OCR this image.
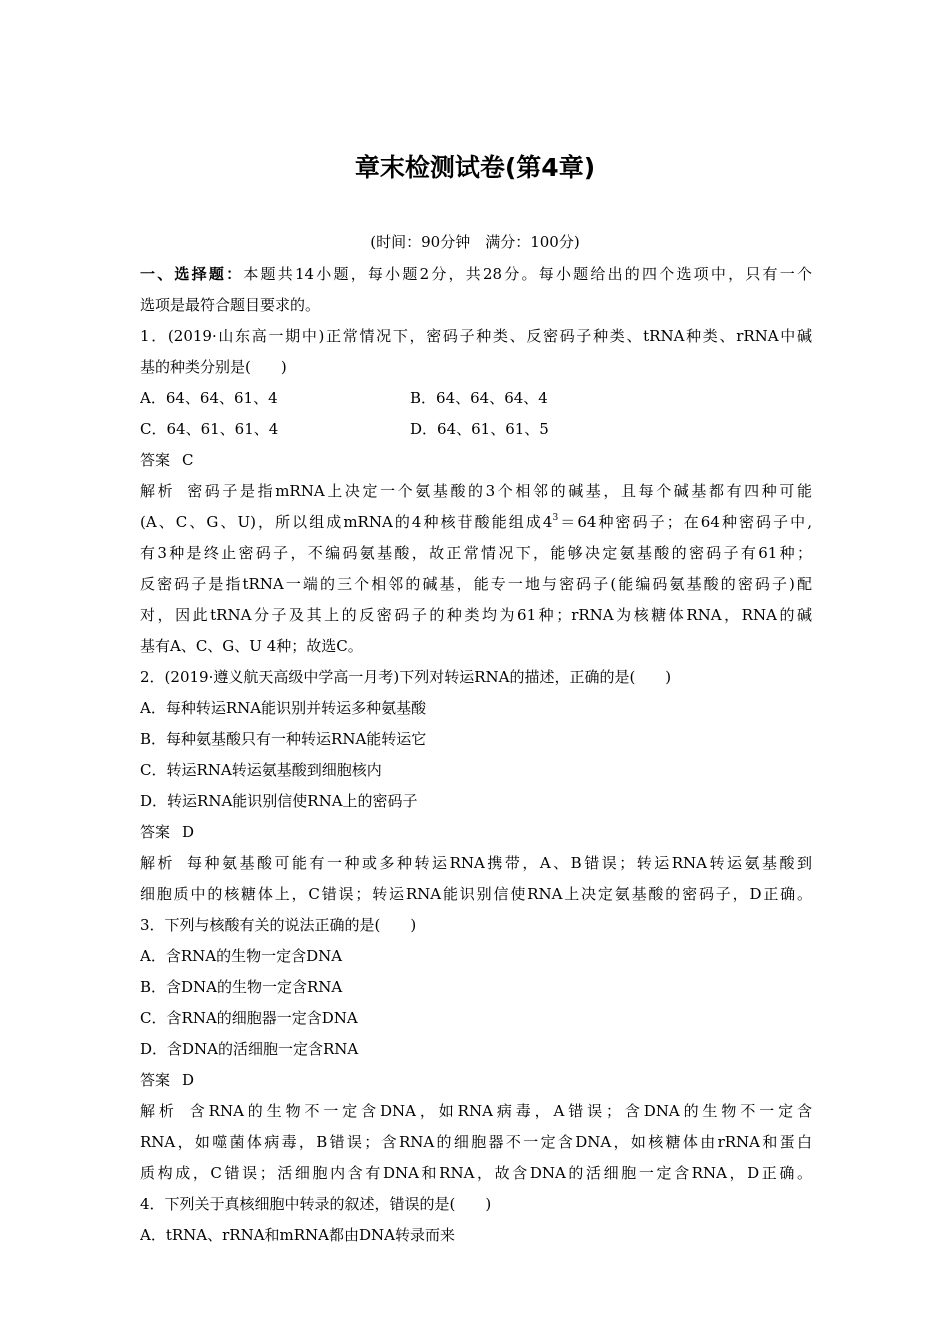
章末检测试卷(第4章)
(时间：90分钟　满分：100分)
一、选择题：本题共14小题，每小题2分，共28分。每小题给出的四个选项中，只有一个
选项是最符合题目要求的。
1．(2019·山东高一期中)正常情况下，密码子种类、反密码子种类、tRNA种类、rRNA中碱
基的种类分别是(　　)
A．64、64、61、4	B．64、64、64、4
C．64、61、61、4	D．64、61、61、5
答案 C
解析 密码子是指mRNA上决定一个氨基酸的3个相邻的碱基，且每个碱基都有四种可能
(A、C、G、U)，所以组成mRNA的4种核苷酸能组成$4^3=64$种密码子；在64种密码子中,
有3种是终止密码子，不编码氨基酸，故正常情况下，能够决定氨基酸的密码子有61种；
反密码子是指tRNA一端的三个相邻的碱基，能专一地与密码子(能编码氨基酸的密码子)配
对，因此tRNA分子及其上的反密码子的种类均为61种；rRNA为核糖体RNA，RNA的碱
基有A、C、G、U 4种；故选C。
2．(2019·遵义航天高级中学高一月考)下列对转运RNA的描述，正确的是(　　)
A．每种转运RNA能识别并转运多种氨基酸
B．每种氨基酸只有一种转运RNA能转运它
C．转运RNA转运氨基酸到细胞核内
D．转运RNA能识别信使RNA上的密码子
答案 D
解析 每种氨基酸可能有一种或多种转运RNA携带，A、B错误；转运RNA转运氨基酸到
细胞质中的核糖体上，C错误；转运RNA能识别信使RNA上决定氨基酸的密码子，D正确。
3．下列与核酸有关的说法正确的是(　　)
A．含RNA的生物一定含DNA
B．含DNA的生物一定含RNA
C．含RNA的细胞器一定含DNA
D．含DNA的活细胞一定含RNA
答案 D
解析 含RNA的生物不一定含DNA，如RNA病毒，A错误；含DNA的生物不一定含
RNA，如噬菌体病毒，B错误；含RNA的细胞器不一定含DNA，如核糖体由rRNA和蛋白
质构成，C错误；活细胞内含有DNA和RNA，故含DNA的活细胞一定含RNA，D正确。
4．下列关于真核细胞中转录的叙述，错误的是(　　)
A．tRNA、rRNA和mRNA都由DNA转录而来
